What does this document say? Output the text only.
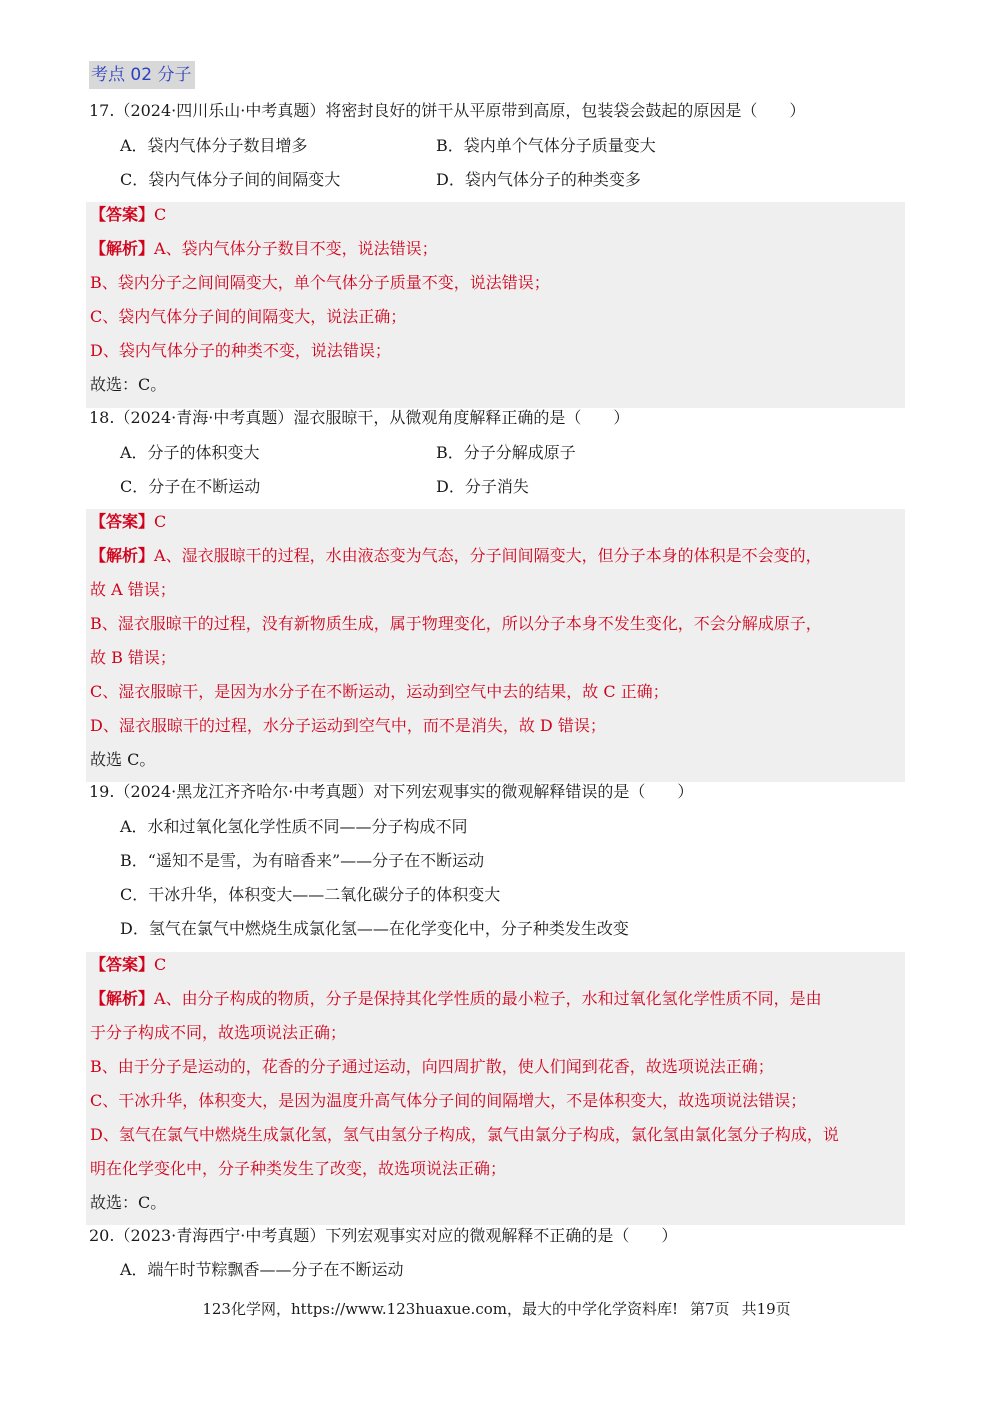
考点 02 分子
17.（2024·四川乐山·中考真题）将密封良好的饼干从平原带到高原，包装袋会鼓起的原因是（　　）
A．袋内气体分子数目增多	B．袋内单个气体分子质量变大
C．袋内气体分子间的间隔变大	D．袋内气体分子的种类变多
【答案】C
【解析】A、袋内气体分子数目不变，说法错误；
B、袋内分子之间间隔变大，单个气体分子质量不变，说法错误；
C、袋内气体分子间的间隔变大，说法正确；
D、袋内气体分子的种类不变，说法错误；
故选：C。
18.（2024·青海·中考真题）湿衣服晾干，从微观角度解释正确的是（　　）
A．分子的体积变大	B．分子分解成原子
C．分子在不断运动	D．分子消失
【答案】C
【解析】A、湿衣服晾干的过程，水由液态变为气态，分子间间隔变大，但分子本身的体积是不会变的，
故 A 错误；
B、湿衣服晾干的过程，没有新物质生成，属于物理变化，所以分子本身不发生变化，不会分解成原子，
故 B 错误；
C、湿衣服晾干，是因为水分子在不断运动，运动到空气中去的结果，故 C 正确；
D、湿衣服晾干的过程，水分子运动到空气中，而不是消失，故 D 错误；
故选 C。
19.（2024·黑龙江齐齐哈尔·中考真题）对下列宏观事实的微观解释错误的是（　　）
A．水和过氧化氢化学性质不同——分子构成不同
B．“遥知不是雪，为有暗香来”——分子在不断运动
C．干冰升华，体积变大——二氧化碳分子的体积变大
D．氢气在氯气中燃烧生成氯化氢——在化学变化中，分子种类发生改变
【答案】C
【解析】A、由分子构成的物质，分子是保持其化学性质的最小粒子，水和过氧化氢化学性质不同，是由
于分子构成不同，故选项说法正确；
B、由于分子是运动的，花香的分子通过运动，向四周扩散，使人们闻到花香，故选项说法正确；
C、干冰升华，体积变大，是因为温度升高气体分子间的间隔增大，不是体积变大，故选项说法错误；
D、氢气在氯气中燃烧生成氯化氢，氢气由氢分子构成，氯气由氯分子构成，氯化氢由氯化氢分子构成，说
明在化学变化中，分子种类发生了改变，故选项说法正确；
故选：C。
20.（2023·青海西宁·中考真题）下列宏观事实对应的微观解释不正确的是（　　）
A．端午时节粽飘香——分子在不断运动
123化学网，https://www.123huaxue.com，最大的中学化学资料库! 第7页 共19页
